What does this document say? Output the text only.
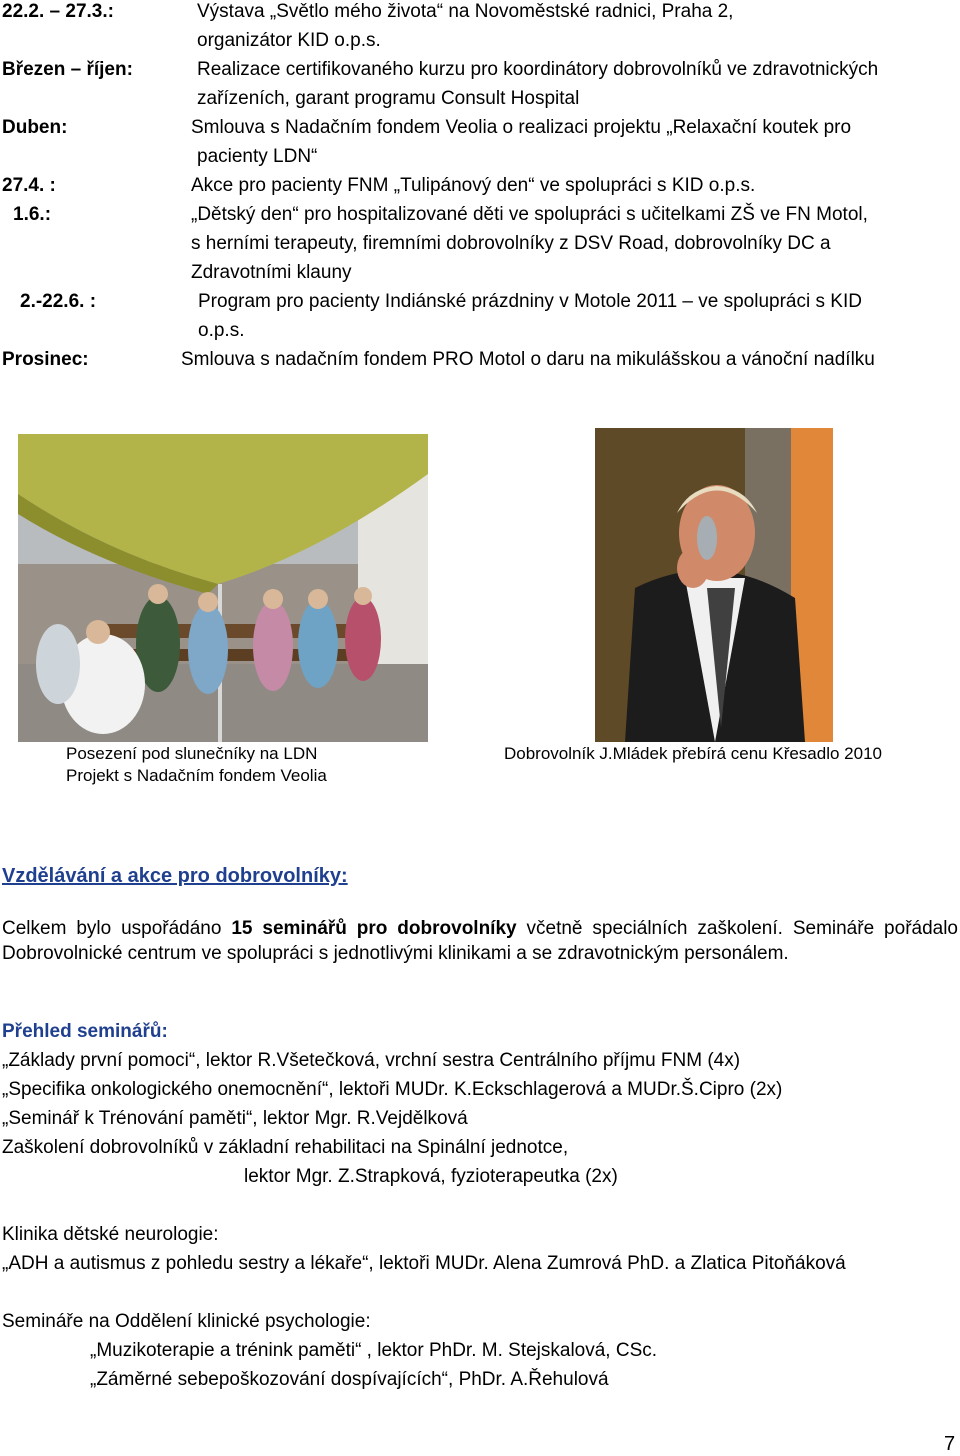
22.2. – 27.3.:	Výstava „Světlo mého života“ na Novoměstské radnici, Praha 2,
organizátor KID o.p.s.
Březen – říjen:	Realizace certifikovaného kurzu pro koordinátory dobrovolníků ve zdravotnických
zařízeních, garant programu Consult Hospital
Duben:	Smlouva s Nadačním fondem Veolia o realizaci projektu „Relaxační koutek pro
pacienty LDN“
27.4. :	Akce pro pacienty FNM „Tulipánový den“ ve spolupráci s KID o.p.s.
1.6.:	„Dětský den“ pro hospitalizované děti ve spolupráci s učitelkami ZŠ ve FN Motol,
s herními terapeuty, firemními dobrovolníky z DSV Road, dobrovolníky DC a
Zdravotními klauny
2.-22.6. :	Program pro pacienty Indiánské prázdniny v Motole 2011 – ve spolupráci s KID
o.p.s.
Prosinec:	Smlouva s nadačním fondem PRO Motol o daru na mikulášskou a vánoční nadílku
Posezení pod slunečníky na LDN
Projekt s Nadačním fondem Veolia
Dobrovolník J.Mládek přebírá cenu Křesadlo 2010
Vzdělávání a akce pro dobrovolníky:
Celkem bylo uspořádáno 15 seminářů pro dobrovolníky včetně speciálních zaškolení. Semináře pořádalo Dobrovolnické centrum ve spolupráci s jednotlivými klinikami a se zdravotnickým personálem.
Přehled seminářů:
„Základy první pomoci“, lektor R.Všetečková, vrchní sestra Centrálního příjmu FNM (4x)
„Specifika onkologického onemocnění“, lektoři MUDr. K.Eckschlagerová a MUDr.Š.Cipro (2x)
„Seminář k Trénování paměti“, lektor Mgr. R.Vejdělková
Zaškolení dobrovolníků v základní rehabilitaci na Spinální jednotce,
lektor Mgr. Z.Strapková, fyzioterapeutka (2x)
Klinika dětské neurologie:
„ADH a autismus z pohledu sestry a lékaře“, lektoři MUDr. Alena Zumrová PhD. a Zlatica Pitoňáková
Semináře na Oddělení klinické psychologie:
„Muzikoterapie a trénink paměti“ , lektor PhDr. M. Stejskalová, CSc.
„Záměrné sebepoškozování dospívajících“, PhDr. A.Řehulová
7
